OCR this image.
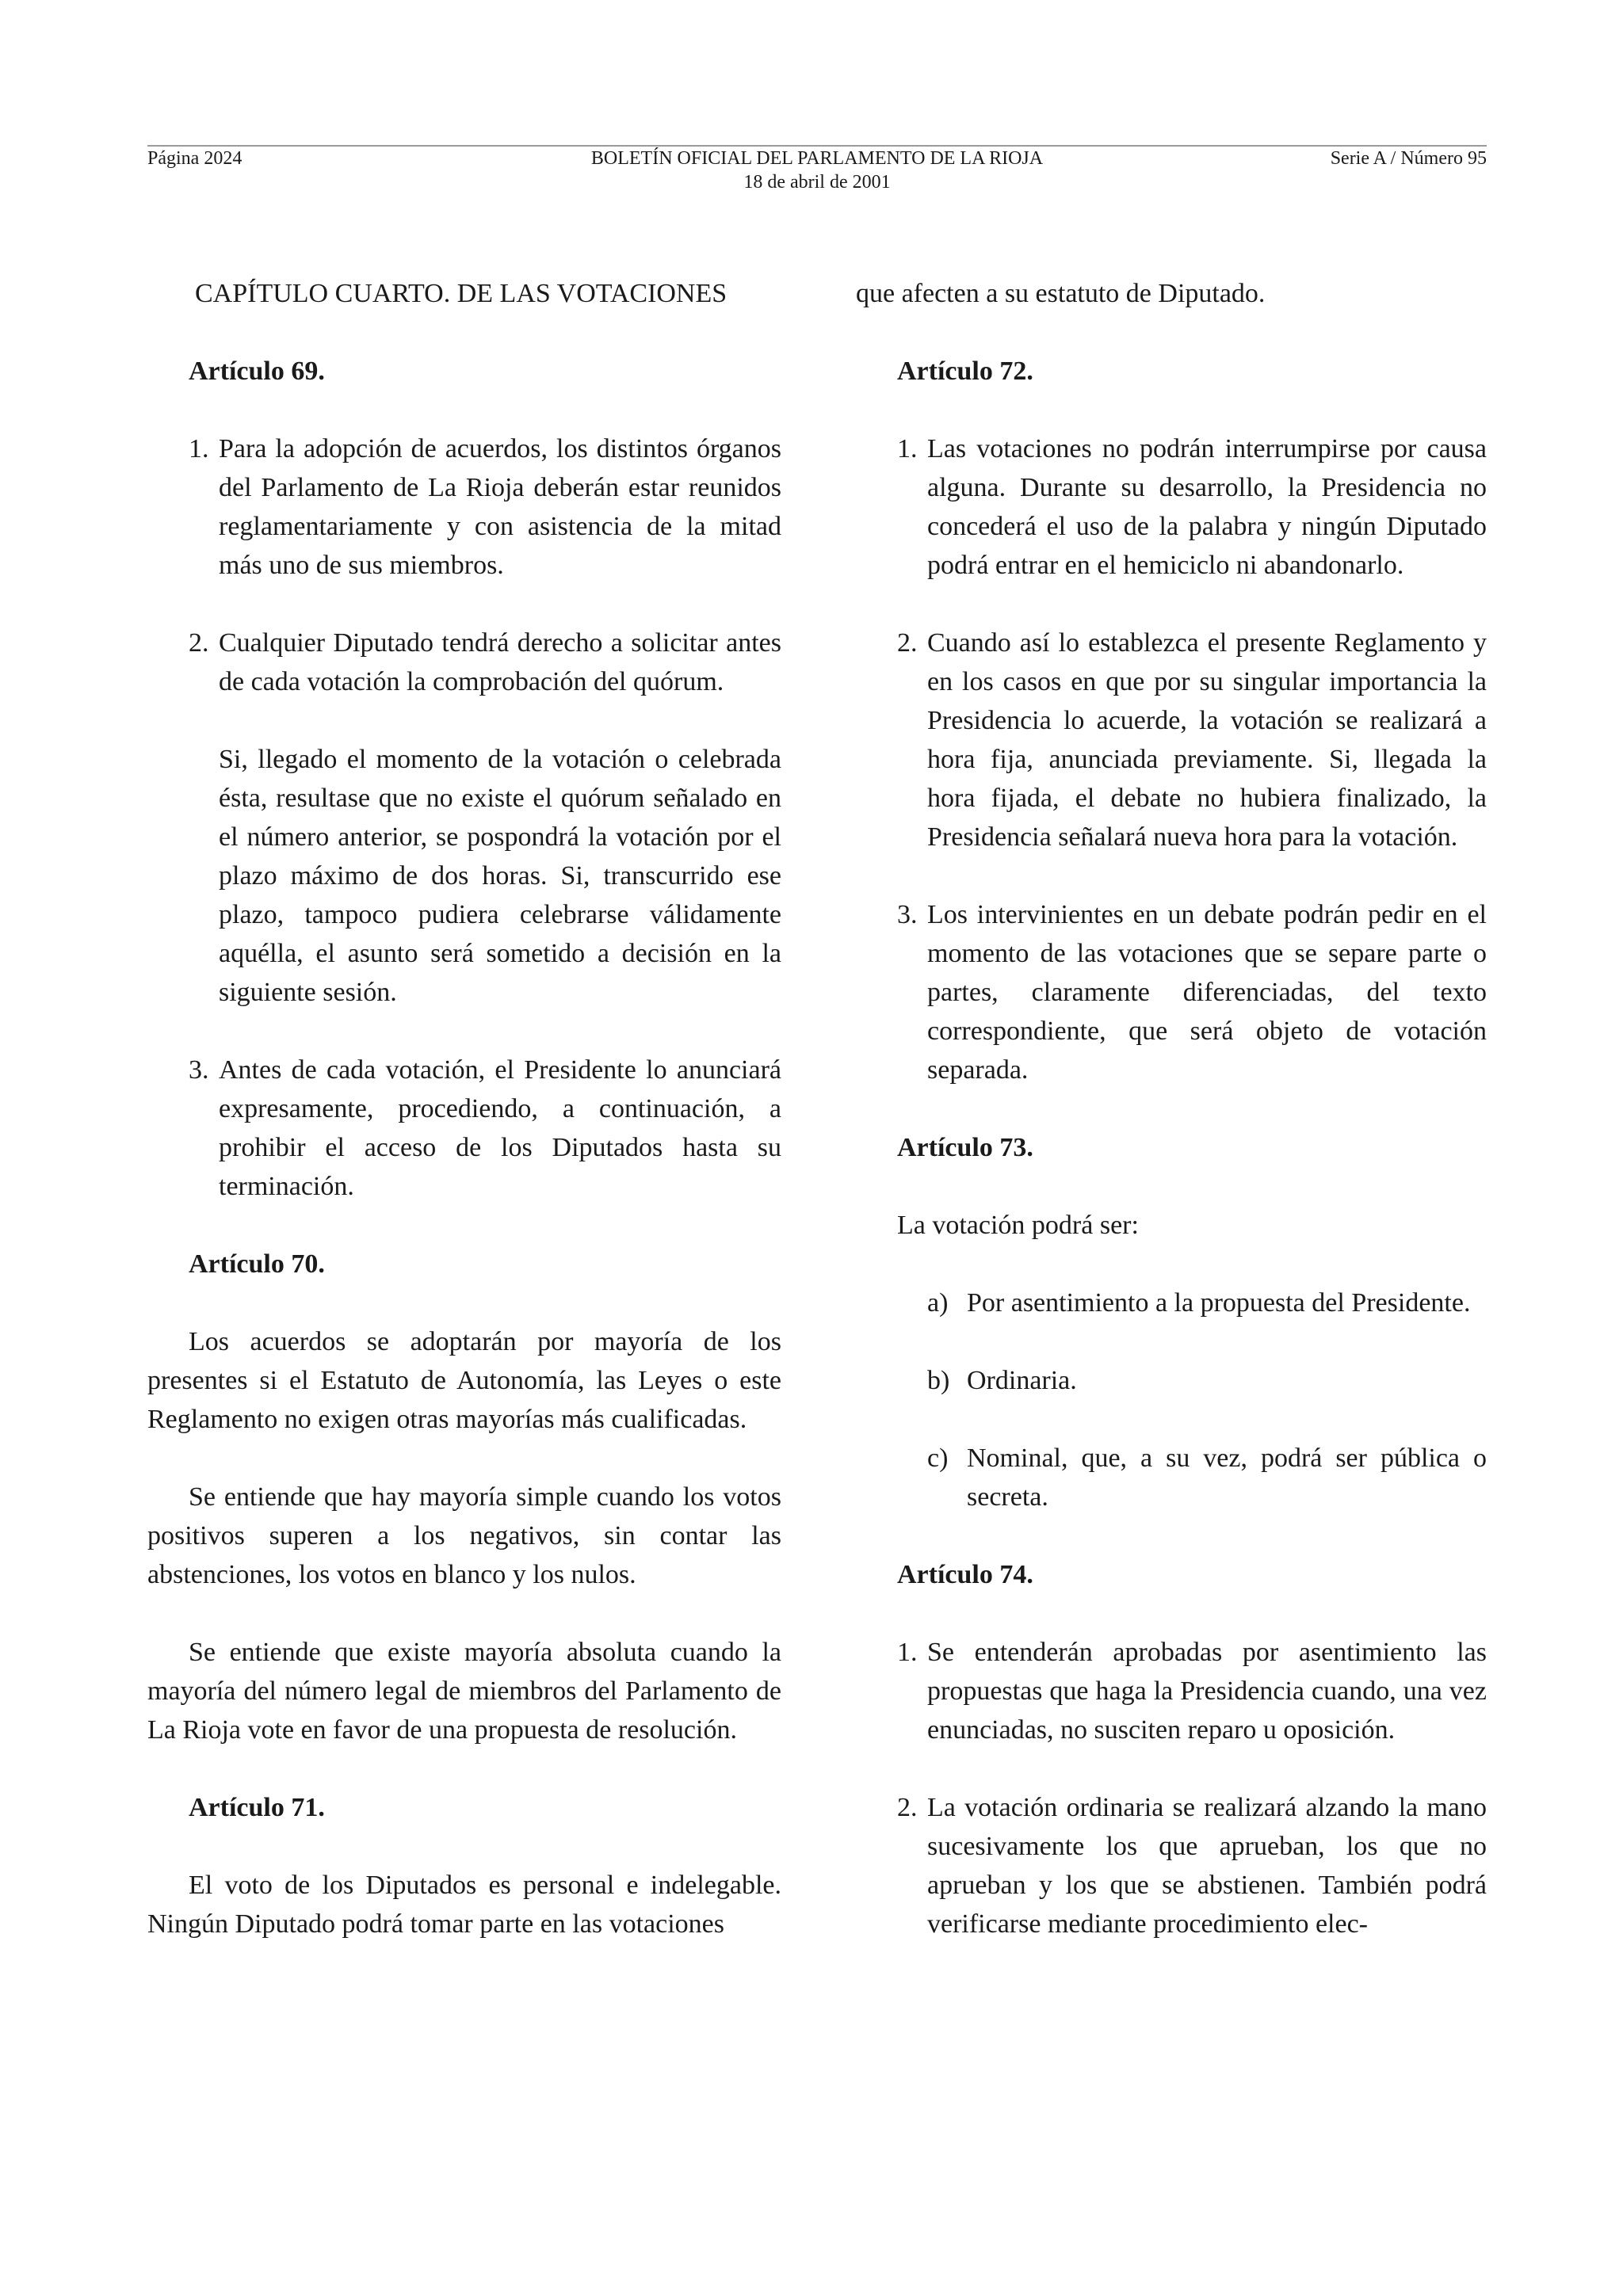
Página 2024	BOLETÍN OFICIAL DEL PARLAMENTO DE LA RIOJA
18 de abril de 2001
Serie A / Número 95

CAPÍTULO CUARTO. DE LAS VOTACIONES

Artículo 69.

1. Para la adopción de acuerdos, los distintos órganos del Parlamento de La Rioja deberán estar reunidos reglamentariamente y con asistencia de la mitad más uno de sus miembros.
2. Cualquier Diputado tendrá derecho a solicitar antes de cada votación la comprobación del quórum.

Si, llegado el momento de la votación o celebrada ésta, resultase que no existe el quórum señalado en el número anterior, se pospondrá la votación por el plazo máximo de dos horas. Si, transcurrido ese plazo, tampoco pudiera celebrarse válidamente aquélla, el asunto será sometido a decisión en la siguiente sesión.

3. Antes de cada votación, el Presidente lo anunciará expresamente, procediendo, a continuación, a prohibir el acceso de los Diputados hasta su terminación.

Artículo 70.

Los acuerdos se adoptarán por mayoría de los presentes si el Estatuto de Autonomía, las Leyes o este Reglamento no exigen otras mayorías más cualificadas.

Se entiende que hay mayoría simple cuando los votos positivos superen a los negativos, sin contar las abstenciones, los votos en blanco y los nulos.

Se entiende que existe mayoría absoluta cuando la mayoría del número legal de miembros del Parlamento de La Rioja vote en favor de una propuesta de resolución.

Artículo 71.

El voto de los Diputados es personal e indelegable. Ningún Diputado podrá tomar parte en las votaciones

que afecten a su estatuto de Diputado.

Artículo 72.

1. Las votaciones no podrán interrumpirse por causa alguna. Durante su desarrollo, la Presidencia no concederá el uso de la palabra y ningún Diputado podrá entrar en el hemiciclo ni abandonarlo.
2. Cuando así lo establezca el presente Reglamento y en los casos en que por su singular importancia la Presidencia lo acuerde, la votación se realizará a hora fija, anunciada previamente. Si, llegada la hora fijada, el debate no hubiera finalizado, la Presidencia señalará nueva hora para la votación.
3. Los intervinientes en un debate podrán pedir en el momento de las votaciones que se separe parte o partes, claramente diferenciadas, del texto correspondiente, que será objeto de votación separada.

Artículo 73.

La votación podrá ser:

a) Por asentimiento a la propuesta del Presidente.
b) Ordinaria.
c) Nominal, que, a su vez, podrá ser pública o secreta.

Artículo 74.

1. Se entenderán aprobadas por asentimiento las propuestas que haga la Presidencia cuando, una vez enunciadas, no susciten reparo u oposición.
2. La votación ordinaria se realizará alzando la mano sucesivamente los que aprueban, los que no aprueban y los que se abstienen. También podrá verificarse mediante procedimiento elec-
